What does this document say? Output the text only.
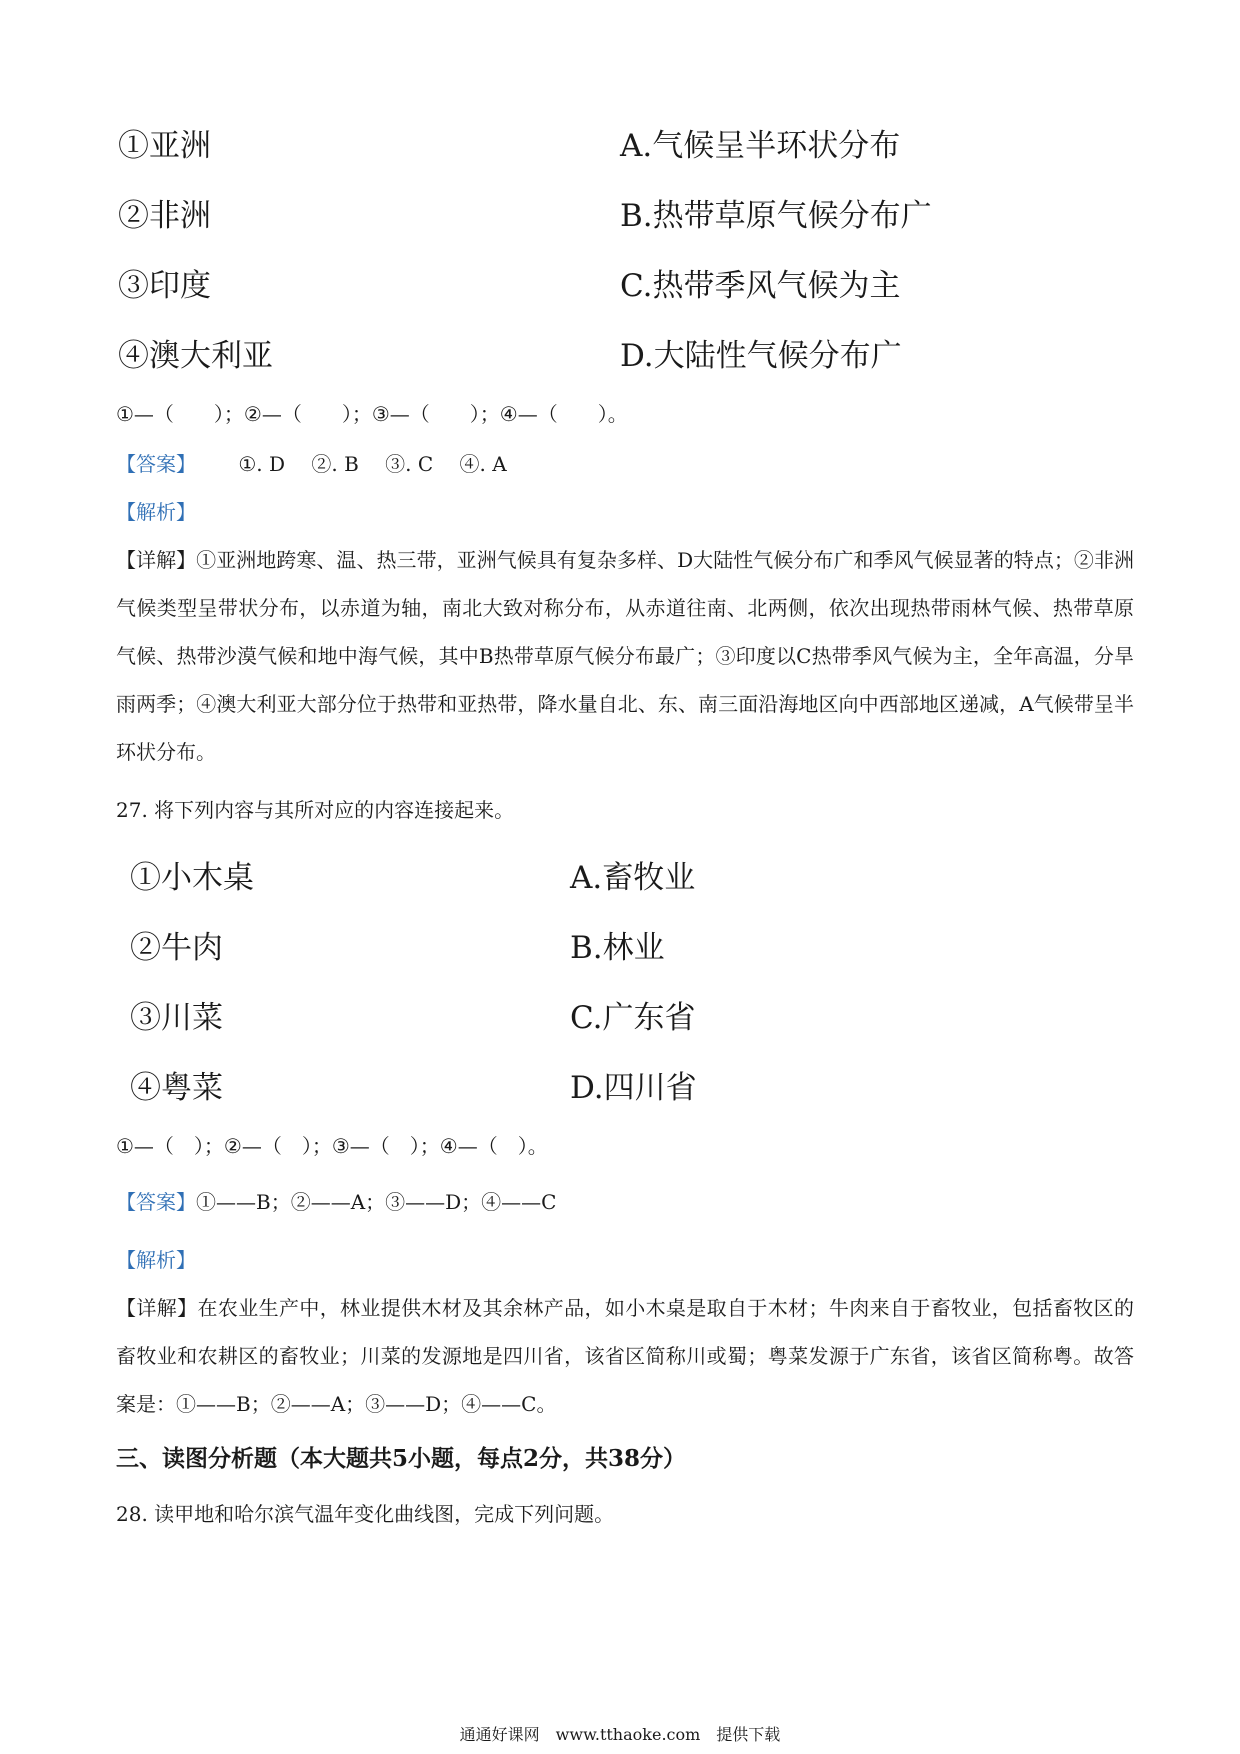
①亚洲
②非洲
③印度
④澳大利亚
A.气候呈半环状分布
B.热带草原气候分布广
C.热带季风气候为主
D.大陆性气候分布广
①—（　　）；②—（　　）；③—（　　）；④—（　　）。
【答案】 ①. D　 ②. B　 ③. C　 ④. A
【解析】
【详解】①亚洲地跨寒、温、热三带，亚洲气候具有复杂多样、D大陆性气候分布广和季风气候显著的特点；②非洲气候类型呈带状分布，以赤道为轴，南北大致对称分布，从赤道往南、北两侧，依次出现热带雨林气候、热带草原气候、热带沙漠气候和地中海气候，其中B热带草原气候分布最广；③印度以C热带季风气候为主，全年高温，分旱雨两季；④澳大利亚大部分位于热带和亚热带，降水量自北、东、南三面沿海地区向中西部地区递减，A气候带呈半环状分布。
27. 将下列内容与其所对应的内容连接起来。
①小木桌
②牛肉
③川菜
④粤菜
A.畜牧业
B.林业
C.广东省
D.四川省
①—（　）；②—（　）；③—（　）；④—（　）。
【答案】①——B；②——A；③——D；④——C
【解析】
【详解】在农业生产中，林业提供木材及其余林产品，如小木桌是取自于木材；牛肉来自于畜牧业，包括畜牧区的畜牧业和农耕区的畜牧业；川菜的发源地是四川省，该省区简称川或蜀；粤菜发源于广东省，该省区简称粤。故答案是：①——B；②——A；③——D；④——C。
三、读图分析题（本大题共5小题，每点2分，共38分）
28. 读甲地和哈尔滨气温年变化曲线图，完成下列问题。
通通好课网　www.tthaoke.com　提供下载
